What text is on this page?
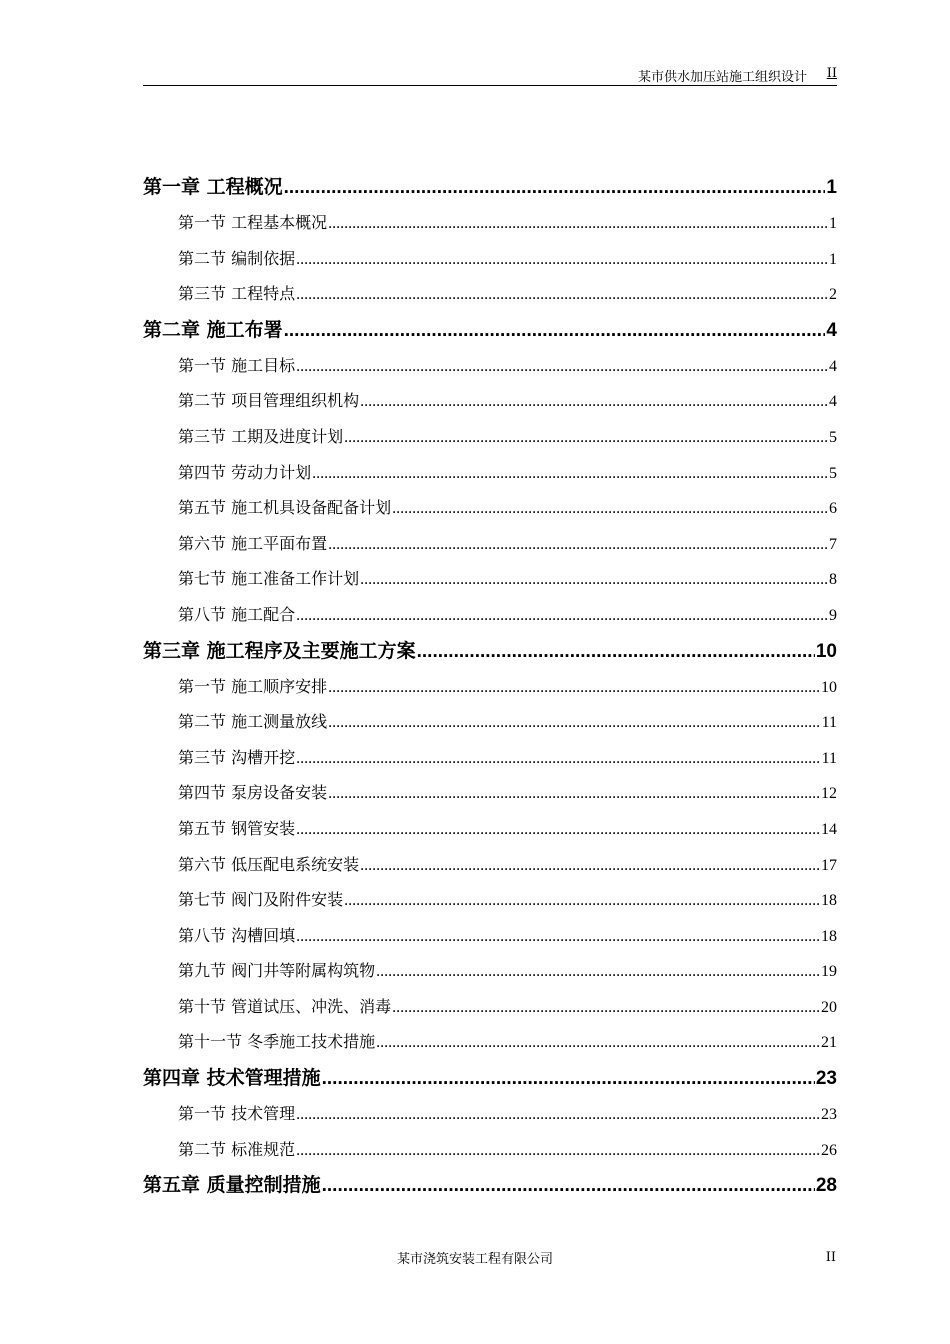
某市供水加压站施工组织设计 II
第一章 工程概况 .....	1
第一节 工程基本概况 .....	1
第二节 编制依据 .....	1
第三节 工程特点 .....	2
第二章 施工布署 .....	4
第一节 施工目标 .....	4
第二节 项目管理组织机构 .....	4
第三节 工期及进度计划 .....	5
第四节 劳动力计划 .....	5
第五节 施工机具设备配备计划 .....	6
第六节 施工平面布置 .....	7
第七节 施工准备工作计划 .....	8
第八节 施工配合 .....	9
第三章 施工程序及主要施工方案 .....	10
第一节 施工顺序安排 .....	10
第二节 施工测量放线 .....	11
第三节 沟槽开挖 .....	11
第四节 泵房设备安装 .....	12
第五节 钢管安装 .....	14
第六节 低压配电系统安装 .....	17
第七节 阀门及附件安装 .....	18
第八节 沟槽回填 .....	18
第九节 阀门井等附属构筑物 .....	19
第十节 管道试压、冲洗、消毒 .....	20
第十一节 冬季施工技术措施 .....	21
第四章 技术管理措施 .....	23
第一节 技术管理 .....	23
第二节 标准规范 .....	26
第五章 质量控制措施 .....	28
某市浇筑安装工程有限公司	II
